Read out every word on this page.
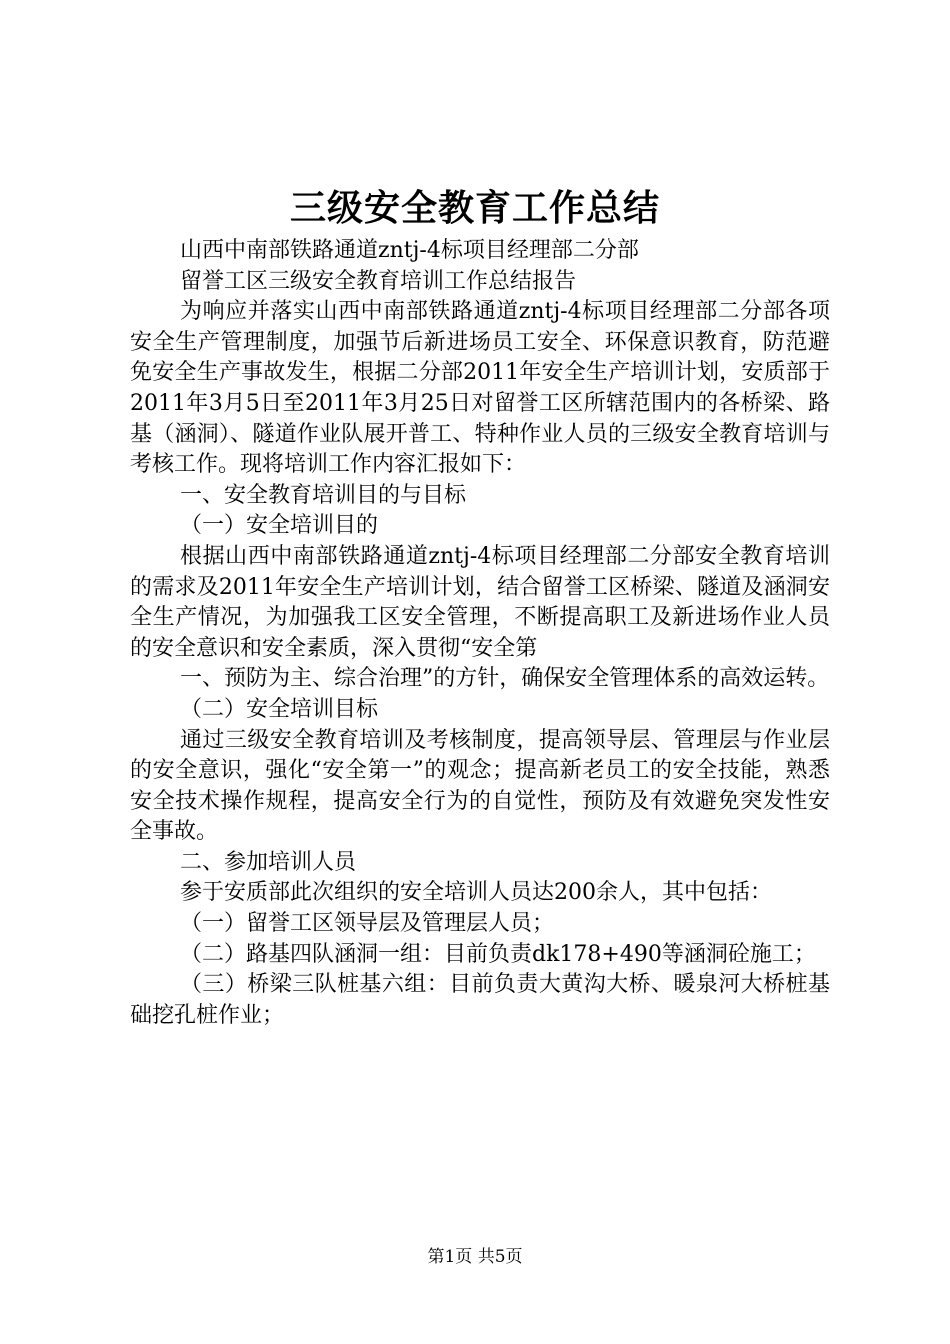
三级安全教育工作总结

山西中南部铁路通道zntj-4标项目经理部二分部

留誉工区三级安全教育培训工作总结报告

为响应并落实山西中南部铁路通道zntj-4标项目经理部二分部各项安全生产管理制度，加强节后新进场员工安全、环保意识教育，防范避免安全生产事故发生，根据二分部2011年安全生产培训计划，安质部于2011年3月5日至2011年3月25日对留誉工区所辖范围内的各桥梁、路基（涵洞）、隧道作业队展开普工、特种作业人员的三级安全教育培训与考核工作。现将培训工作内容汇报如下：

一、安全教育培训目的与目标

（一）安全培训目的

根据山西中南部铁路通道zntj-4标项目经理部二分部安全教育培训的需求及2011年安全生产培训计划，结合留誉工区桥梁、隧道及涵洞安全生产情况，为加强我工区安全管理，不断提高职工及新进场作业人员的安全意识和安全素质，深入贯彻“安全第

一、预防为主、综合治理”的方针，确保安全管理体系的高效运转。

（二）安全培训目标

通过三级安全教育培训及考核制度，提高领导层、管理层与作业层的安全意识，强化“安全第一”的观念；提高新老员工的安全技能，熟悉安全技术操作规程，提高安全行为的自觉性，预防及有效避免突发性安全事故。

二、参加培训人员

参于安质部此次组织的安全培训人员达200余人，其中包括：

（一）留誉工区领导层及管理层人员；

（二）路基四队涵洞一组：目前负责dk178+490等涵洞砼施工；

（三）桥梁三队桩基六组：目前负责大黄沟大桥、暖泉河大桥桩基础挖孔桩作业；

第1页 共5页
